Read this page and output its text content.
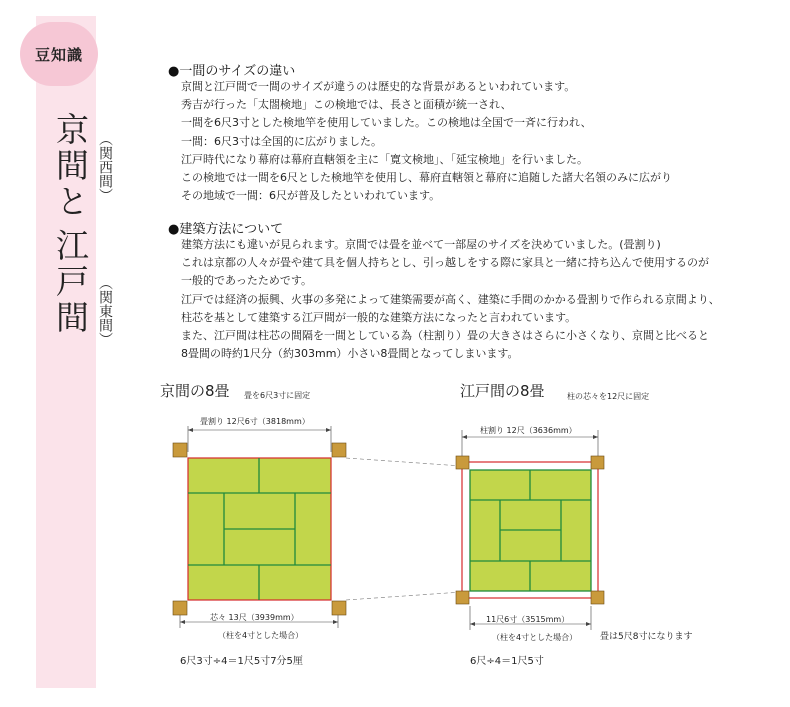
豆知識
京間と （関西間）
江戸間 （関東間）
●一間のサイズの違い
京間と江戸間で一間のサイズが違うのは歴史的な背景があるといわれています。
秀吉が行った「太閤検地」この検地では、長さと面積が統一され、
一間を6尺3寸とした検地竿を使用していました。この検地は全国で一斉に行われ、
一間：6尺3寸は全国的に広がりました。
江戸時代になり幕府は幕府直轄領を主に「寛文検地」、「延宝検地」を行いました。
この検地では一間を6尺とした検地竿を使用し、幕府直轄領と幕府に追随した諸大名領のみに広がり
その地域で一間：6尺が普及したといわれています。
●建築方法について
建築方法にも違いが見られます。京間では畳を並べて一部屋のサイズを決めていました。(畳割り)
これは京都の人々が畳や建て具を個人持ちとし、引っ越しをする際に家具と一緒に持ち込んで使用するのが
一般的であったためです。
江戸では経済の振興、火事の多発によって建築需要が高く、建築に手間のかかる畳割りで作られる京間より、
柱芯を基として建築する江戸間が一般的な建築方法になったと言われています。
また、江戸間は柱芯の間隔を一間としている為（柱割り）畳の大きさはさらに小さくなり、京間と比べると
8畳間の時約1尺分（約303mm）小さい8畳間となってしまいます。
京間の8畳 畳を6尺3寸に固定	江戸間の8畳	柱の芯々を12尺に固定
畳割り 12尺6寸（3818mm）
芯々 13尺（3939mm）
（柱を4寸とした場合）
6尺3寸÷4＝1尺5寸7分5厘
柱割り 12尺（3636mm）
11尺6寸（3515mm）
（柱を4寸とした場合）	畳は5尺8寸になります
6尺÷4＝1尺5寸
